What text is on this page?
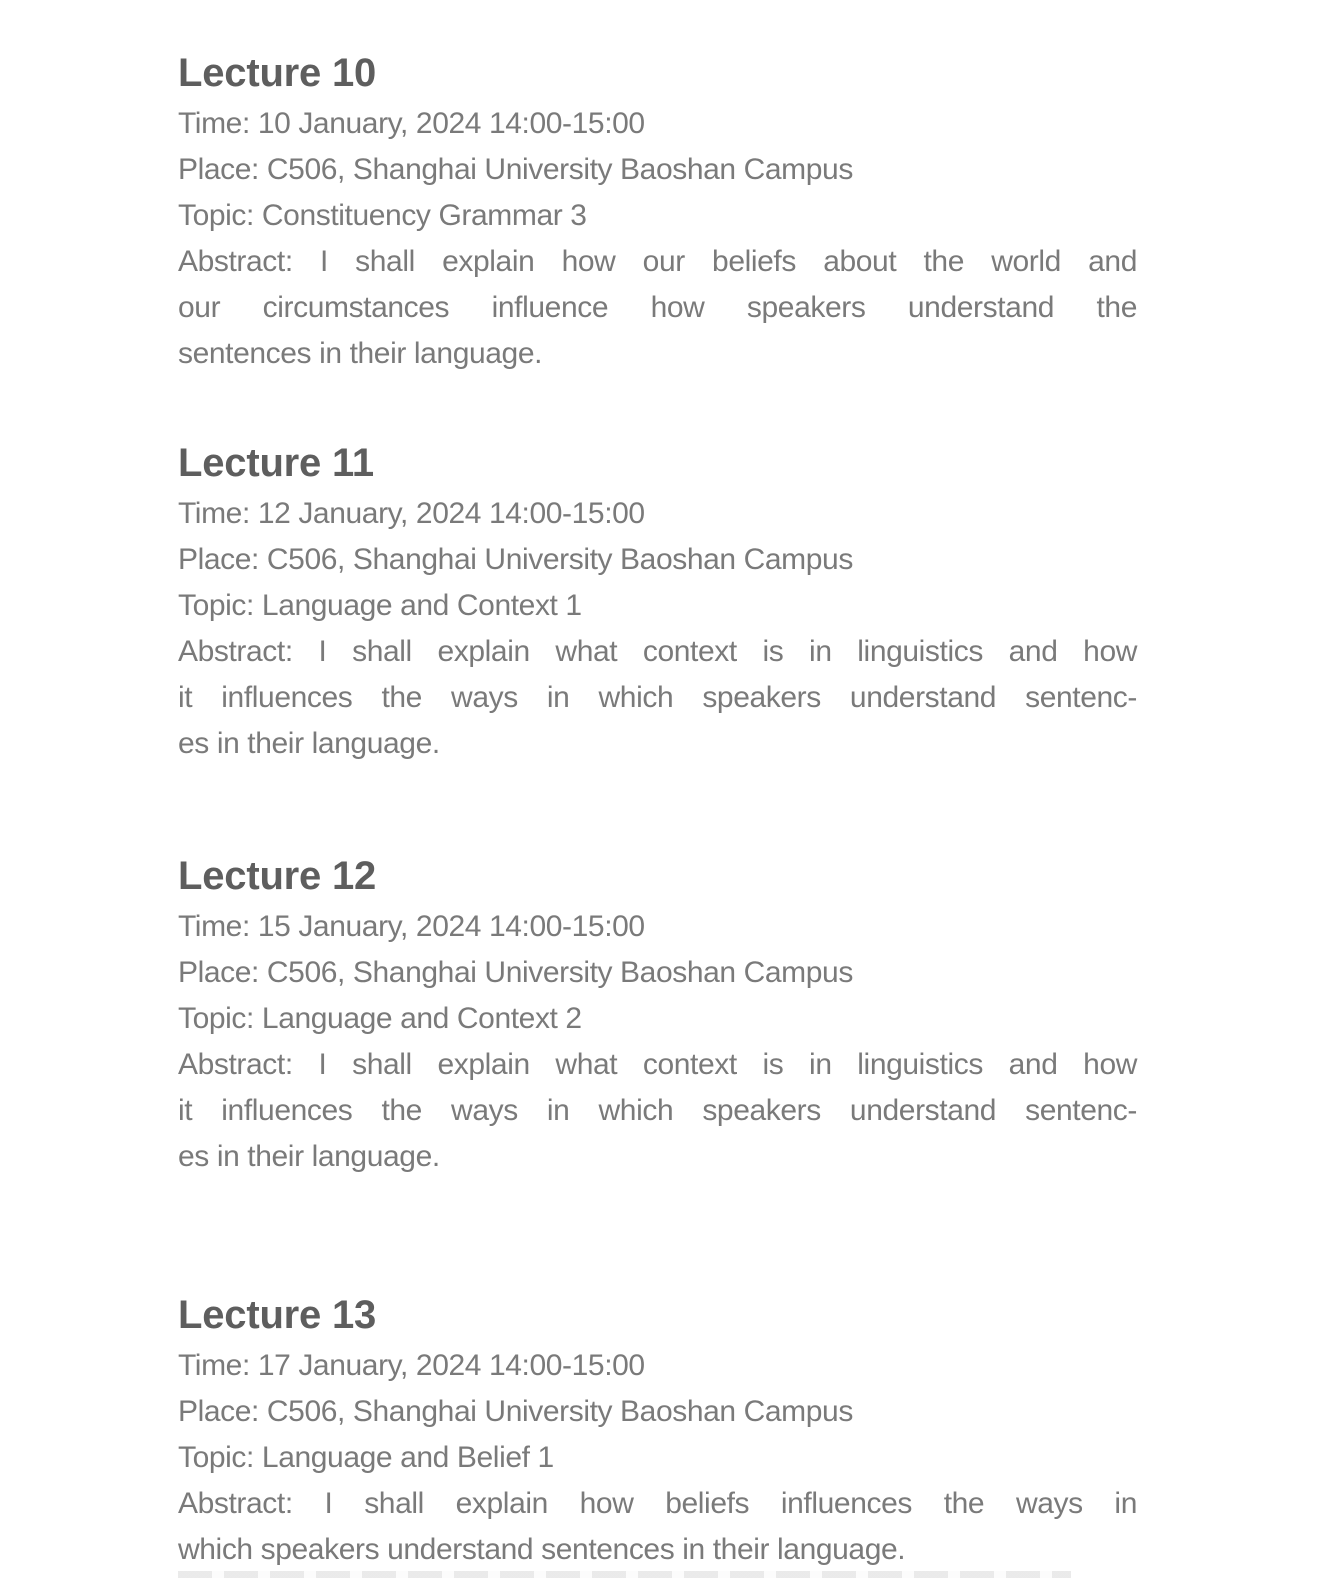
Lecture 10

Time: 10 January, 2024 14:00-15:00

Place: C506, Shanghai University Baoshan Campus

Topic: Constituency Grammar 3

Abstract: I shall explain how our beliefs about the world and

our circumstances influence how speakers understand the

sentences in their language.

Lecture 11

Time: 12 January, 2024 14:00-15:00

Place: C506, Shanghai University Baoshan Campus

Topic: Language and Context 1

Abstract: I shall explain what context is in linguistics and how

it influences the ways in which speakers understand sentenc-

es in their language.

Lecture 12

Time: 15 January, 2024 14:00-15:00

Place: C506, Shanghai University Baoshan Campus

Topic: Language and Context 2

Abstract: I shall explain what context is in linguistics and how

it influences the ways in which speakers understand sentenc-

es in their language.

Lecture 13

Time: 17 January, 2024 14:00-15:00

Place: C506, Shanghai University Baoshan Campus

Topic: Language and Belief 1

Abstract: I shall explain how beliefs influences the ways in

which speakers understand sentences in their language.
